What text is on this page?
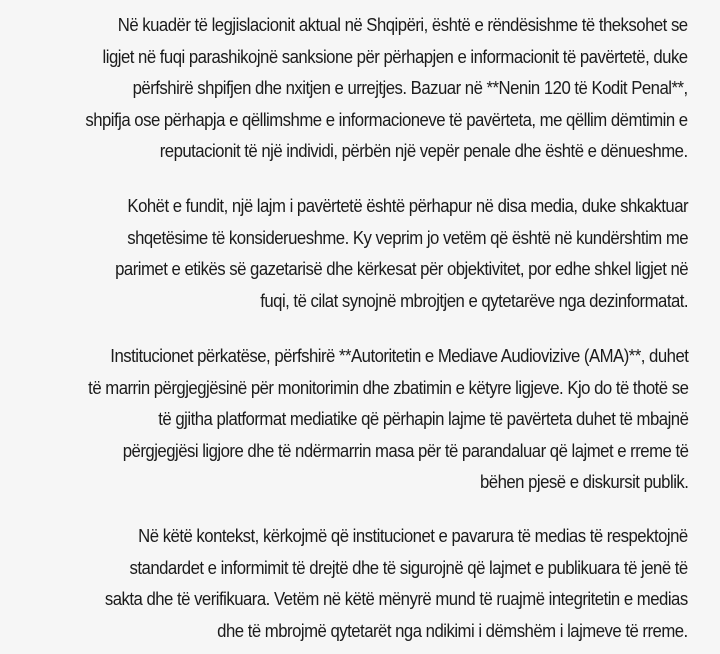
Në kuadër të legjislacionit aktual në Shqipëri, është e rëndësishme të theksohet se
ligjet në fuqi parashikojnë sanksione për përhapjen e informacionit të pavërtetë, duke
përfshirë shpifjen dhe nxitjen e urrejtjes. Bazuar në **Nenin 120 të Kodit Penal**,
shpifja ose përhapja e qëllimshme e informacioneve të pavërteta, me qëllim dëmtimin e
reputacionit të një individi, përbën një vepër penale dhe është e dënueshme.
Kohët e fundit, një lajm i pavërtetë është përhapur në disa media, duke shkaktuar
shqetësime të konsiderueshme. Ky veprim jo vetëm që është në kundërshtim me
parimet e etikës së gazetarisë dhe kërkesat për objektivitet, por edhe shkel ligjet në
fuqi, të cilat synojnë mbrojtjen e qytetarëve nga dezinformatat.
Institucionet përkatëse, përfshirë **Autoritetin e Mediave Audiovizive (AMA)**, duhet
të marrin përgjegjësinë për monitorimin dhe zbatimin e këtyre ligjeve. Kjo do të thotë se
të gjitha platformat mediatike që përhapin lajme të pavërteta duhet të mbajnë
përgjegjësi ligjore dhe të ndërmarrin masa për të parandaluar që lajmet e rreme të
bëhen pjesë e diskursit publik.
Në këtë kontekst, kërkojmë që institucionet e pavarura të medias të respektojnë
standardet e informimit të drejtë dhe të sigurojnë që lajmet e publikuara të jenë të
sakta dhe të verifikuara. Vetëm në këtë mënyrë mund të ruajmë integritetin e medias
dhe të mbrojmë qytetarët nga ndikimi i dëmshëm i lajmeve të rreme.
